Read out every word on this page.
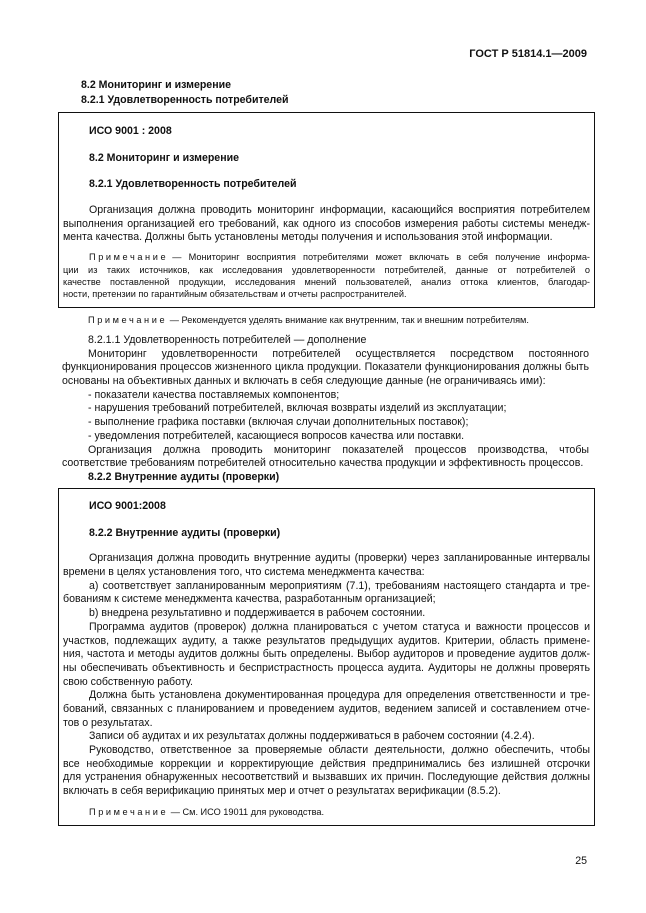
ГОСТ Р 51814.1—2009
8.2 Мониторинг и измерение
8.2.1 Удовлетворенность потребителей
ИСО 9001 : 2008
8.2 Мониторинг и измерение
8.2.1 Удовлетворенность потребителей
Организация должна проводить мониторинг информации, касающийся восприятия потребителем
выполнения организацией его требований, как одного из способов измерения работы системы менедж-
мента качества. Должны быть установлены методы получения и использования этой информации.
Примечание — Мониторинг восприятия потребителями может включать в себя получение информа-
ции из таких источников, как исследования удовлетворенности потребителей, данные от потребителей о
качестве поставленной продукции, исследования мнений пользователей, анализ оттока клиентов, благодар-
ности, претензии по гарантийным обязательствам и отчеты распространителей.
Примечание — Рекомендуется уделять внимание как внутренним, так и внешним потребителям.
8.2.1.1 Удовлетворенность потребителей — дополнение
Мониторинг удовлетворенности потребителей осуществляется посредством постоянного
функционирования процессов жизненного цикла продукции. Показатели функционирования должны быть
основаны на объективных данных и включать в себя следующие данные (не ограничиваясь ими):
- показатели качества поставляемых компонентов;
- нарушения требований потребителей, включая возвраты изделий из эксплуатации;
- выполнение графика поставки (включая случаи дополнительных поставок);
- уведомления потребителей, касающиеся вопросов качества или поставки.
Организация должна проводить мониторинг показателей процессов производства, чтобы
соответствие требованиям потребителей относительно качества продукции и эффективность процессов.
8.2.2 Внутренние аудиты (проверки)
ИСО 9001:2008
8.2.2 Внутренние аудиты (проверки)
Организация должна проводить внутренние аудиты (проверки) через запланированные интервалы
времени в целях установления того, что система менеджмента качества:
а) соответствует запланированным мероприятиям (7.1), требованиям настоящего стандарта и тре-
бованиям к системе менеджмента качества, разработанным организацией;
b) внедрена результативно и поддерживается в рабочем состоянии.
Программа аудитов (проверок) должна планироваться с учетом статуса и важности процессов и
участков, подлежащих аудиту, а также результатов предыдущих аудитов. Критерии, область примене-
ния, частота и методы аудитов должны быть определены. Выбор аудиторов и проведение аудитов долж-
ны обеспечивать объективность и беспристрастность процесса аудита. Аудиторы не должны проверять
свою собственную работу.
Должна быть установлена документированная процедура для определения ответственности и тре-
бований, связанных с планированием и проведением аудитов, ведением записей и составлением отче-
тов о результатах.
Записи об аудитах и их результатах должны поддерживаться в рабочем состоянии (4.2.4).
Руководство, ответственное за проверяемые области деятельности, должно обеспечить, чтобы
все необходимые коррекции и корректирующие действия предпринимались без излишней отсрочки
для устранения обнаруженных несоответствий и вызвавших их причин. Последующие действия должны
включать в себя верификацию принятых мер и отчет о результатах верификации (8.5.2).
Примечание — См. ИСО 19011 для руководства.
25
